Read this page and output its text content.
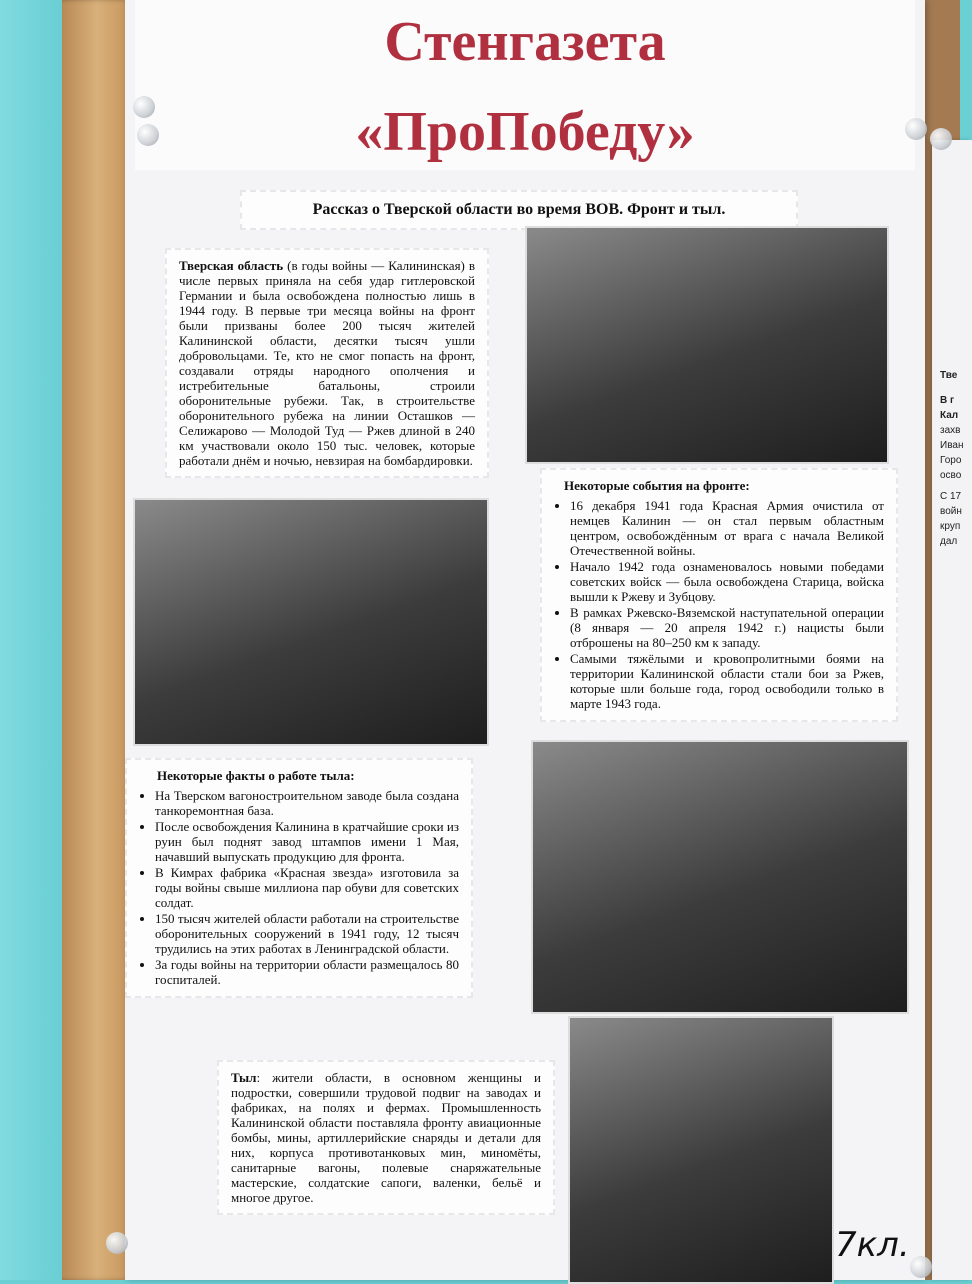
Тве
В г
Кал
захв
Иван
Горо
осво
С 17
войн
круп
дал
Стенгазета
«ПроПобеду»
Рассказ о Тверской области во время ВОВ. Фронт и тыл.
Тверская область (в годы войны — Калининская) в числе первых приняла на себя удар гитлеровской Германии и была освобождена полностью лишь в 1944 году. В первые три месяца войны на фронт были призваны более 200 тысяч жителей Калининской области, десятки тысяч ушли добровольцами. Те, кто не смог попасть на фронт, создавали отряды народного ополчения и истребительные батальоны, строили оборонительные рубежи. Так, в строительстве оборонительного рубежа на линии Осташков — Селижарово — Молодой Туд — Ржев длиной в 240 км участвовали около 150 тыс. человек, которые работали днём и ночью, невзирая на бомбардировки.
Некоторые события на фронте:
• 16 декабря 1941 года Красная Армия очистила от немцев Калинин — он стал первым областным центром, освобождённым от врага с начала Великой Отечественной войны.
• Начало 1942 года ознаменовалось новыми победами советских войск — была освобождена Старица, войска вышли к Ржеву и Зубцову.
• В рамках Ржевско-Вяземской наступательной операции (8 января — 20 апреля 1942 г.) нацисты были отброшены на 80–250 км к западу.
• Самыми тяжёлыми и кровопролитными боями на территории Калининской области стали бои за Ржев, которые шли больше года, город освободили только в марте 1943 года.
Некоторые факты о работе тыла:
• На Тверском вагоностроительном заводе была создана танкоремонтная база.
• После освобождения Калинина в кратчайшие сроки из руин был поднят завод штампов имени 1 Мая, начавший выпускать продукцию для фронта.
• В Кимрах фабрика «Красная звезда» изготовила за годы войны свыше миллиона пар обуви для советских солдат.
• 150 тысяч жителей области работали на строительстве оборонительных сооружений в 1941 году, 12 тысяч трудились на этих работах в Ленинградской области.
• За годы войны на территории области размещалось 80 госпиталей.
Тыл: жители области, в основном женщины и подростки, совершили трудовой подвиг на заводах и фабриках, на полях и фермах. Промышленность Калининской области поставляла фронту авиационные бомбы, мины, артиллерийские снаряды и детали для них, корпуса противотанковых мин, миномёты, санитарные вагоны, полевые снаряжательные мастерские, солдатские сапоги, валенки, бельё и многое другое.
7кл.
